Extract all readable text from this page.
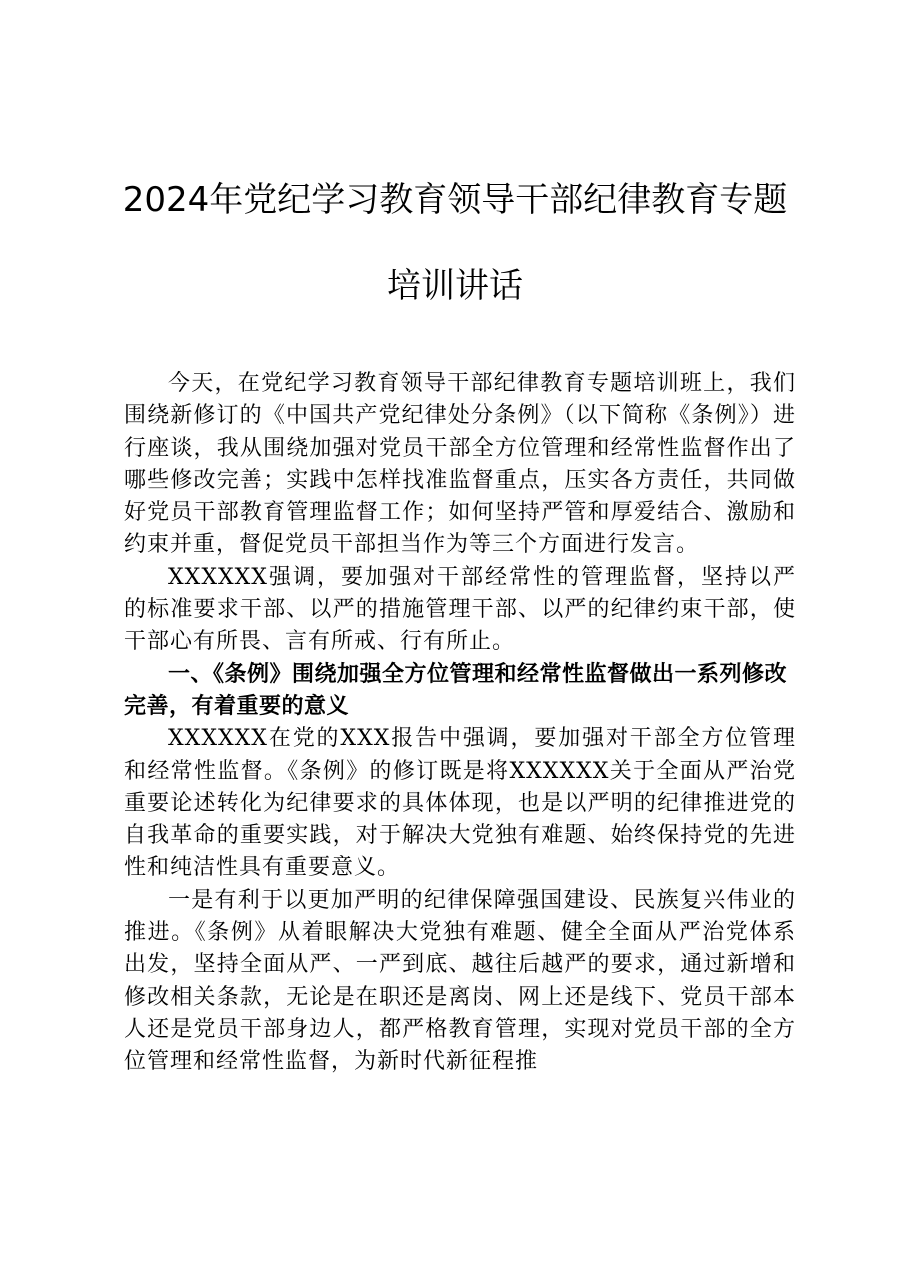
2024年党纪学习教育领导干部纪律教育专题
培训讲话

今天，在党纪学习教育领导干部纪律教育专题培训班上，我们围绕新修订的《中国共产党纪律处分条例》（以下简称《条例》）进行座谈，我从围绕加强对党员干部全方位管理和经常性监督作出了哪些修改完善；实践中怎样找准监督重点，压实各方责任，共同做好党员干部教育管理监督工作；如何坚持严管和厚爱结合、激励和约束并重，督促党员干部担当作为等三个方面进行发言。

XXXXXX强调，要加强对干部经常性的管理监督，坚持以严的标准要求干部、以严的措施管理干部、以严的纪律约束干部，使干部心有所畏、言有所戒、行有所止。

一、《条例》围绕加强全方位管理和经常性监督做出一系列修改完善，有着重要的意义

XXXXXX在党的XXX报告中强调，要加强对干部全方位管理和经常性监督。《条例》的修订既是将XXXXXX关于全面从严治党重要论述转化为纪律要求的具体体现，也是以严明的纪律推进党的自我革命的重要实践，对于解决大党独有难题、始终保持党的先进性和纯洁性具有重要意义。

一是有利于以更加严明的纪律保障强国建设、民族复兴伟业的推进。《条例》从着眼解决大党独有难题、健全全面从严治党体系出发，坚持全面从严、一严到底、越往后越严的要求，通过新增和修改相关条款，无论是在职还是离岗、网上还是线下、党员干部本人还是党员干部身边人，都严格教育管理，实现对党员干部的全方位管理和经常性监督，为新时代新征程推
